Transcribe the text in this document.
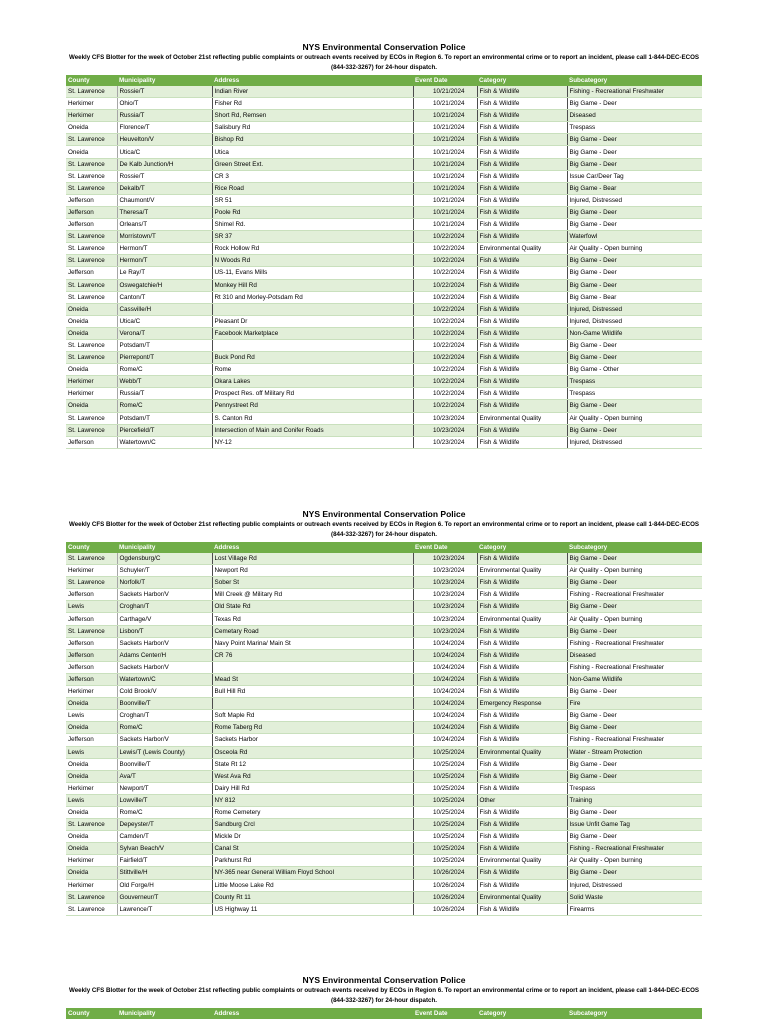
NYS Environmental Conservation Police
Weekly CFS Blotter for the week of October 21st reflecting public complaints or outreach events received by ECOs in Region 6. To report an environmental crime or to report an incident, please call 1-844-DEC-ECOS (844-332-3267) for 24-hour dispatch.
County	Municipality	Address	Event Date	Category	Subcategory
St. Lawrence	Rossie/T	Indian River	10/21/2024	Fish & Wildlife	Fishing - Recreational Freshwater
Herkimer	Ohio/T	Fisher Rd	10/21/2024	Fish & Wildlife	Big Game - Deer
Herkimer	Russia/T	Short Rd, Remsen	10/21/2024	Fish & Wildlife	Diseased
Oneida	Florence/T	Salisbury Rd	10/21/2024	Fish & Wildlife	Trespass
St. Lawrence	Heuvelton/V	Bishop Rd	10/21/2024	Fish & Wildlife	Big Game - Deer
Oneida	Utica/C	Utica	10/21/2024	Fish & Wildlife	Big Game - Deer
St. Lawrence	De Kalb Junction/H	Green Street Ext.	10/21/2024	Fish & Wildlife	Big Game - Deer
St. Lawrence	Rossie/T	CR 3	10/21/2024	Fish & Wildlife	Issue Car/Deer Tag
St. Lawrence	Dekalb/T	Rice Road	10/21/2024	Fish & Wildlife	Big Game - Bear
Jefferson	Chaumont/V	SR 51	10/21/2024	Fish & Wildlife	Injured, Distressed
Jefferson	Theresa/T	Poole Rd	10/21/2024	Fish & Wildlife	Big Game - Deer
Jefferson	Orleans/T	Shimel Rd.	10/21/2024	Fish & Wildlife	Big Game - Deer
St. Lawrence	Morristown/T	SR 37	10/22/2024	Fish & Wildlife	Waterfowl
St. Lawrence	Hermon/T	Rock Hollow Rd	10/22/2024	Environmental Quality	Air Quality - Open burning
St. Lawrence	Hermon/T	N Woods Rd	10/22/2024	Fish & Wildlife	Big Game - Deer
Jefferson	Le Ray/T	US-11, Evans Mills	10/22/2024	Fish & Wildlife	Big Game - Deer
St. Lawrence	Oswegatchie/H	Monkey Hill Rd	10/22/2024	Fish & Wildlife	Big Game - Deer
St. Lawrence	Canton/T	Rt 310 and Morley-Potsdam Rd	10/22/2024	Fish & Wildlife	Big Game - Bear
Oneida	Cassville/H		10/22/2024	Fish & Wildlife	Injured, Distressed
Oneida	Utica/C	Pleasant Dr	10/22/2024	Fish & Wildlife	Injured, Distressed
Oneida	Verona/T	Facebook Marketplace	10/22/2024	Fish & Wildlife	Non-Game Wildlife
St. Lawrence	Potsdam/T		10/22/2024	Fish & Wildlife	Big Game - Deer
St. Lawrence	Pierrepont/T	Buck Pond Rd	10/22/2024	Fish & Wildlife	Big Game - Deer
Oneida	Rome/C	Rome	10/22/2024	Fish & Wildlife	Big Game - Other
Herkimer	Webb/T	Okara Lakes	10/22/2024	Fish & Wildlife	Trespass
Herkimer	Russia/T	Prospect Res. off Military Rd	10/22/2024	Fish & Wildlife	Trespass
Oneida	Rome/C	Pennystreet Rd	10/22/2024	Fish & Wildlife	Big Game - Deer
St. Lawrence	Potsdam/T	S. Canton Rd	10/23/2024	Environmental Quality	Air Quality - Open burning
St. Lawrence	Piercefield/T	Intersection of Main and Conifer Roads	10/23/2024	Fish & Wildlife	Big Game - Deer
Jefferson	Watertown/C	NY-12	10/23/2024	Fish & Wildlife	Injured, Distressed
NYS Environmental Conservation Police
Weekly CFS Blotter for the week of October 21st reflecting public complaints or outreach events received by ECOs in Region 6. To report an environmental crime or to report an incident, please call 1-844-DEC-ECOS (844-332-3267) for 24-hour dispatch.
County	Municipality	Address	Event Date	Category	Subcategory
St. Lawrence	Ogdensburg/C	Lost Village Rd	10/23/2024	Fish & Wildlife	Big Game - Deer
Herkimer	Schuyler/T	Newport Rd	10/23/2024	Environmental Quality	Air Quality - Open burning
St. Lawrence	Norfolk/T	Sober St	10/23/2024	Fish & Wildlife	Big Game - Deer
Jefferson	Sackets Harbor/V	Mill Creek @ Military Rd	10/23/2024	Fish & Wildlife	Fishing - Recreational Freshwater
Lewis	Croghan/T	Old State Rd	10/23/2024	Fish & Wildlife	Big Game - Deer
Jefferson	Carthage/V	Texas Rd	10/23/2024	Environmental Quality	Air Quality - Open burning
St. Lawrence	Lisbon/T	Cemetary Road	10/23/2024	Fish & Wildlife	Big Game - Deer
Jefferson	Sackets Harbor/V	Navy Point Marina/ Main St	10/24/2024	Fish & Wildlife	Fishing - Recreational Freshwater
Jefferson	Adams Center/H	CR 76	10/24/2024	Fish & Wildlife	Diseased
Jefferson	Sackets Harbor/V		10/24/2024	Fish & Wildlife	Fishing - Recreational Freshwater
Jefferson	Watertown/C	Mead St	10/24/2024	Fish & Wildlife	Non-Game Wildlife
Herkimer	Cold Brook/V	Bull Hill Rd	10/24/2024	Fish & Wildlife	Big Game - Deer
Oneida	Boonville/T		10/24/2024	Emergency Response	Fire
Lewis	Croghan/T	Soft Maple Rd	10/24/2024	Fish & Wildlife	Big Game - Deer
Oneida	Rome/C	Rome Taberg Rd	10/24/2024	Fish & Wildlife	Big Game - Deer
Jefferson	Sackets Harbor/V	Sackets Harbor	10/24/2024	Fish & Wildlife	Fishing - Recreational Freshwater
Lewis	Lewis/T (Lewis County)	Osceola Rd	10/25/2024	Environmental Quality	Water - Stream Protection
Oneida	Boonville/T	State Rt 12	10/25/2024	Fish & Wildlife	Big Game - Deer
Oneida	Ava/T	West Ava Rd	10/25/2024	Fish & Wildlife	Big Game - Deer
Herkimer	Newport/T	Dairy Hill Rd	10/25/2024	Fish & Wildlife	Trespass
Lewis	Lowville/T	NY 812	10/25/2024	Other	Training
Oneida	Rome/C	Rome Cemetery	10/25/2024	Fish & Wildlife	Big Game - Deer
St. Lawrence	Depeyster/T	Sandburg Crcl	10/25/2024	Fish & Wildlife	Issue Unfit Game Tag
Oneida	Camden/T	Mickle Dr	10/25/2024	Fish & Wildlife	Big Game - Deer
Oneida	Sylvan Beach/V	Canal St	10/25/2024	Fish & Wildlife	Fishing - Recreational Freshwater
Herkimer	Fairfield/T	Parkhurst Rd	10/25/2024	Environmental Quality	Air Quality - Open burning
Oneida	Stittville/H	NY-365 near General William Floyd School	10/26/2024	Fish & Wildlife	Big Game - Deer
Herkimer	Old Forge/H	Little Moose Lake Rd	10/26/2024	Fish & Wildlife	Injured, Distressed
St. Lawrence	Gouverneur/T	County Rt 11	10/26/2024	Environmental Quality	Solid Waste
St. Lawrence	Lawrence/T	US Highway 11	10/26/2024	Fish & Wildlife	Firearms
NYS Environmental Conservation Police
Weekly CFS Blotter for the week of October 21st reflecting public complaints or outreach events received by ECOs in Region 6. To report an environmental crime or to report an incident, please call 1-844-DEC-ECOS (844-332-3267) for 24-hour dispatch.
County	Municipality	Address	Event Date	Category	Subcategory
